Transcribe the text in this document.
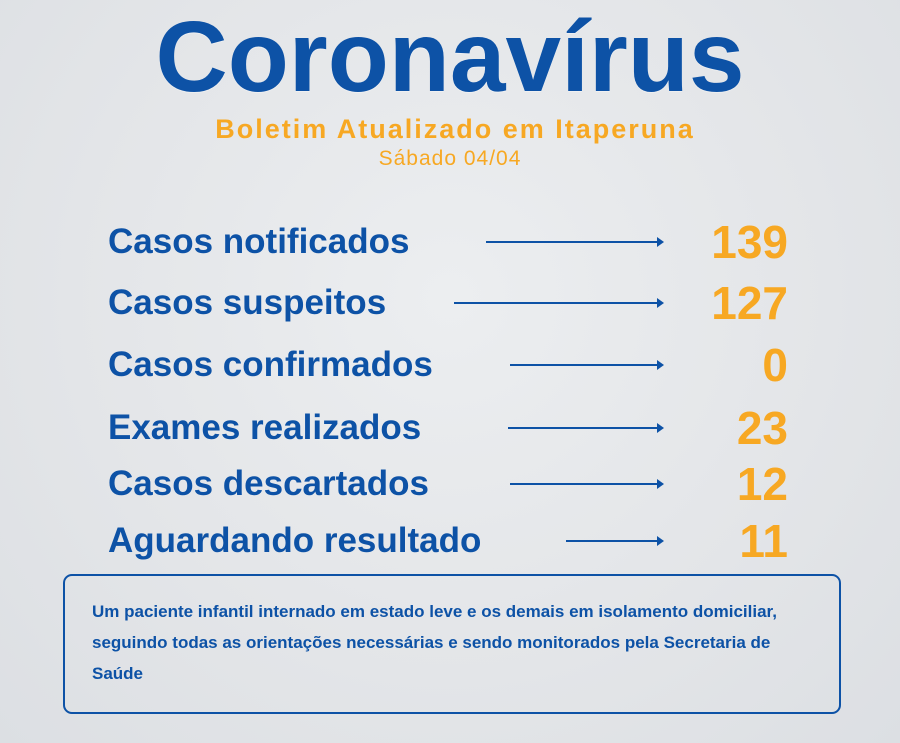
Coronavírus
Boletim Atualizado em Itaperuna
Sábado 04/04
Casos notificados	139
Casos suspeitos	127
Casos confirmados	0
Exames realizados	23
Casos descartados	12
Aguardando resultado	11
Um paciente infantil internado em estado leve e os demais em isolamento domiciliar, seguindo todas as orientações necessárias e sendo monitorados pela Secretaria de Saúde
